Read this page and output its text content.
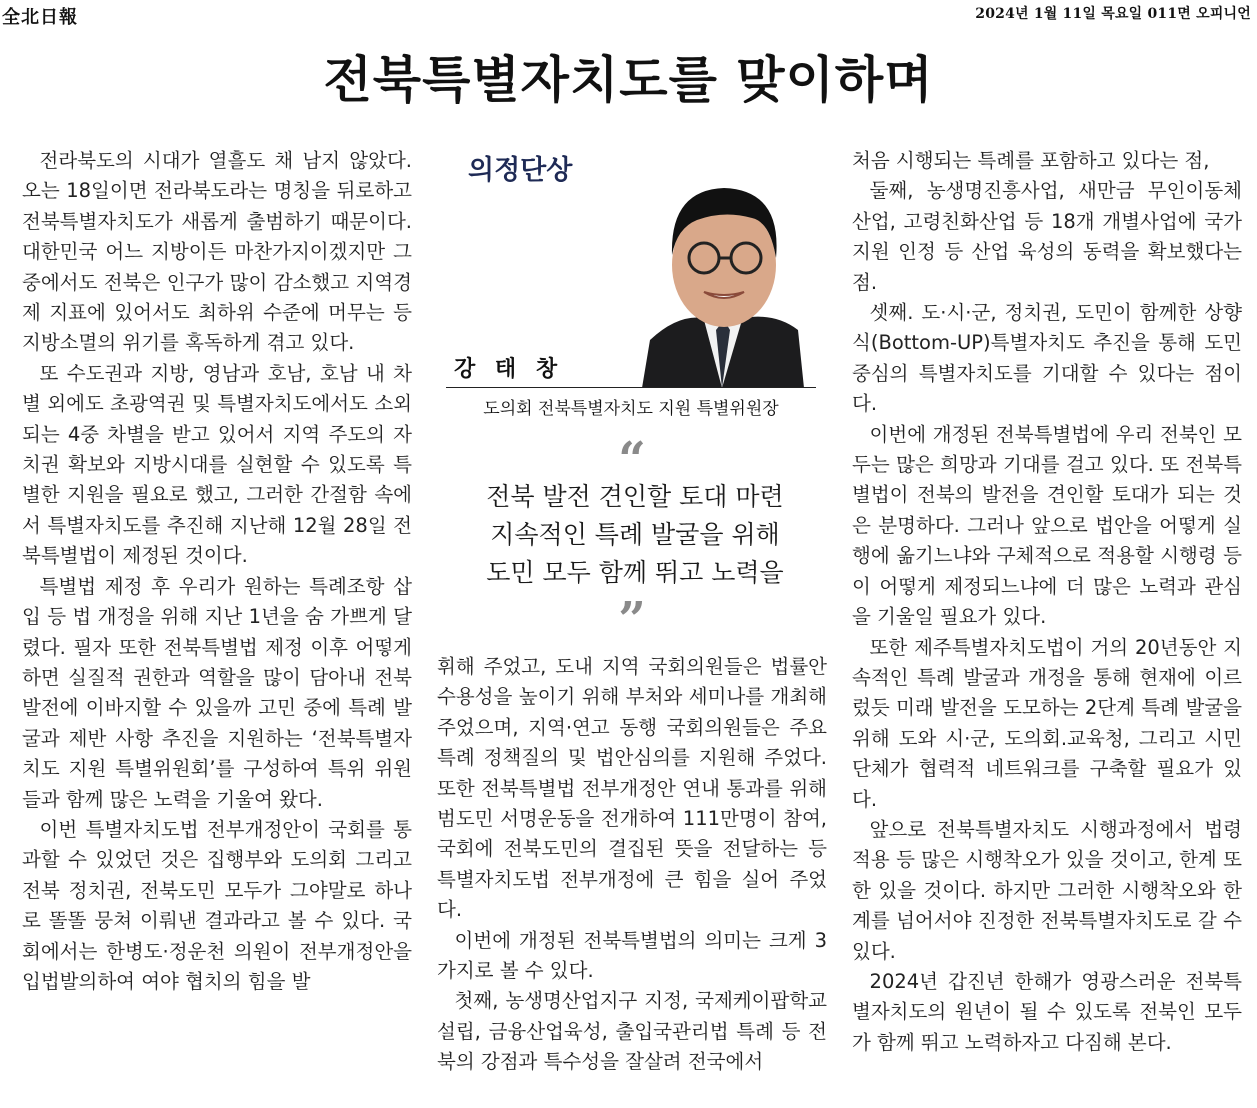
全北日報	2024년 1월 11일 목요일 011면 오피니언
전북특별자치도를 맞이하며

전라북도의 시대가 열흘도 채 남지 않았다. 오는 18일이면 전라북도라는 명칭을 뒤로하고 전북특별자치도가 새롭게 출범하기 때문이다. 대한민국 어느 지방이든 마찬가지이겠지만 그중에서도 전북은 인구가 많이 감소했고 지역경제 지표에 있어서도 최하위 수준에 머무는 등 지방소멸의 위기를 혹독하게 겪고 있다.

또 수도권과 지방, 영남과 호남, 호남 내 차별 외에도 초광역권 및 특별자치도에서도 소외되는 4중 차별을 받고 있어서 지역 주도의 자치권 확보와 지방시대를 실현할 수 있도록 특별한 지원을 필요로 했고, 그러한 간절함 속에서 특별자치도를 추진해 지난해 12월 28일 전북특별법이 제정된 것이다.

특별법 제정 후 우리가 원하는 특례조항 삽입 등 법 개정을 위해 지난 1년을 숨 가쁘게 달렸다. 필자 또한 전북특별법 제정 이후 어떻게 하면 실질적 권한과 역할을 많이 담아내 전북발전에 이바지할 수 있을까 고민 중에 특례 발굴과 제반 사항 추진을 지원하는 ‘전북특별자치도 지원 특별위원회’를 구성하여 특위 위원들과 함께 많은 노력을 기울여 왔다.

이번 특별자치도법 전부개정안이 국회를 통과할 수 있었던 것은 집행부와 도의회 그리고 전북 정치권, 전북도민 모두가 그야말로 하나로 똘똘 뭉쳐 이뤄낸 결과라고 볼 수 있다. 국회에서는 한병도·정운천 의원이 전부개정안을 입법발의하여 여야 협치의 힘을 발

의정단상
강 태 창
도의회 전북특별자치도 지원 특별위원장
“
전북 발전 견인할 토대 마련
지속적인 특례 발굴을 위해
도민 모두 함께 뛰고 노력을
”

휘해 주었고, 도내 지역 국회의원들은 법률안 수용성을 높이기 위해 부처와 세미나를 개최해 주었으며, 지역·연고 동행 국회의원들은 주요 특례 정책질의 및 법안심의를 지원해 주었다. 또한 전북특별법 전부개정안 연내 통과를 위해 범도민 서명운동을 전개하여 111만명이 참여, 국회에 전북도민의 결집된 뜻을 전달하는 등 특별자치도법 전부개정에 큰 힘을 실어 주었다.

이번에 개정된 전북특별법의 의미는 크게 3가지로 볼 수 있다.

첫째, 농생명산업지구 지정, 국제케이팝학교 설립, 금융산업육성, 출입국관리법 특례 등 전북의 강점과 특수성을 잘살려 전국에서

처음 시행되는 특례를 포함하고 있다는 점,

둘째, 농생명진흥사업, 새만금 무인이동체 산업, 고령친화산업 등 18개 개별사업에 국가 지원 인정 등 산업 육성의 동력을 확보했다는 점.

셋째. 도·시·군, 정치권, 도민이 함께한 상향식(Bottom-UP)특별자치도 추진을 통해 도민 중심의 특별자치도를 기대할 수 있다는 점이다.

이번에 개정된 전북특별법에 우리 전북인 모두는 많은 희망과 기대를 걸고 있다. 또 전북특별법이 전북의 발전을 견인할 토대가 되는 것은 분명하다. 그러나 앞으로 법안을 어떻게 실행에 옮기느냐와 구체적으로 적용할 시행령 등이 어떻게 제정되느냐에 더 많은 노력과 관심을 기울일 필요가 있다.

또한 제주특별자치도법이 거의 20년동안 지속적인 특례 발굴과 개정을 통해 현재에 이르렀듯 미래 발전을 도모하는 2단계 특례 발굴을 위해 도와 시·군, 도의회.교육청, 그리고 시민단체가 협력적 네트워크를 구축할 필요가 있다.

앞으로 전북특별자치도 시행과정에서 법령적용 등 많은 시행착오가 있을 것이고, 한계 또한 있을 것이다. 하지만 그러한 시행착오와 한계를 넘어서야 진정한 전북특별자치도로 갈 수 있다.

2024년 갑진년 한해가 영광스러운 전북특별자치도의 원년이 될 수 있도록 전북인 모두가 함께 뛰고 노력하자고 다짐해 본다.
